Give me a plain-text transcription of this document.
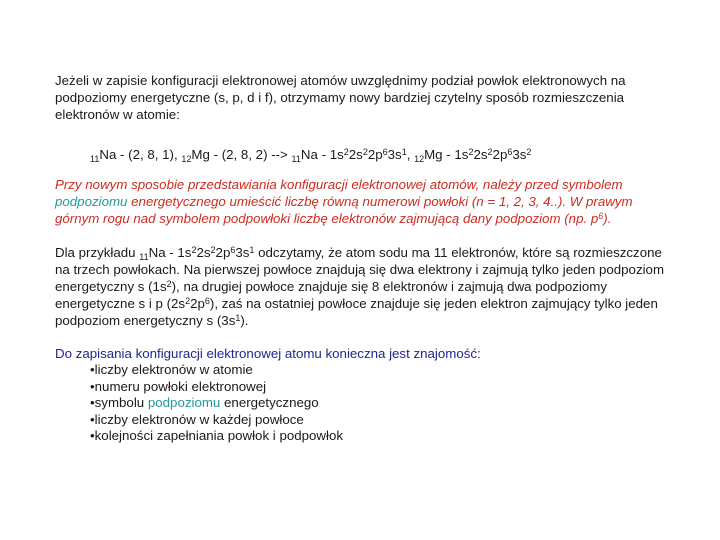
Jeżeli w zapisie konfiguracji elektronowej atomów uwzględnimy podział powłok elektronowych na podpoziomy energetyczne (s, p, d i f), otrzymamy nowy bardziej czytelny sposób rozmieszczenia elektronów w atomie:

$_{11}$Na - (2, 8, 1), $_{12}$Mg - (2, 8, 2) --> $_{11}Na - 1s^22s^22p^63s^1$, $_{12}Mg - 1s^22s^22p^63s^2$

Przy nowym sposobie przedstawiania konfiguracji elektronowej atomów, należy przed symbolem podpoziomu energetycznego umieścić liczbę równą numerowi powłoki (n = 1, 2, 3, 4..). W prawym górnym rogu nad symbolem podpowłoki liczbę elektronów zajmującą dany podpoziom (np. $p^6$).

Dla przykładu $_{11}Na - 1s^22s^22p^63s^1$ odczytamy, że atom sodu ma 11 elektronów, które są rozmieszczone na trzech powłokach. Na pierwszej powłoce znajdują się dwa elektrony i zajmują tylko jeden podpoziom energetyczny s $(1s^2)$, na drugiej powłoce znajduje się 8 elektronów i zajmują dwa podpoziomy energetyczne s i p $(2s^22p^6)$, zaś na ostatniej powłoce znajduje się jeden elektron zajmujący tylko jeden podpoziom energetyczny s $(3s^1)$.

Do zapisania konfiguracji elektronowej atomu konieczna jest znajomość:

•liczby elektronów w atomie
•numeru powłoki elektronowej
•symbolu podpoziomu energetycznego
•liczby elektronów w każdej powłoce
•kolejności zapełniania powłok i podpowłok
